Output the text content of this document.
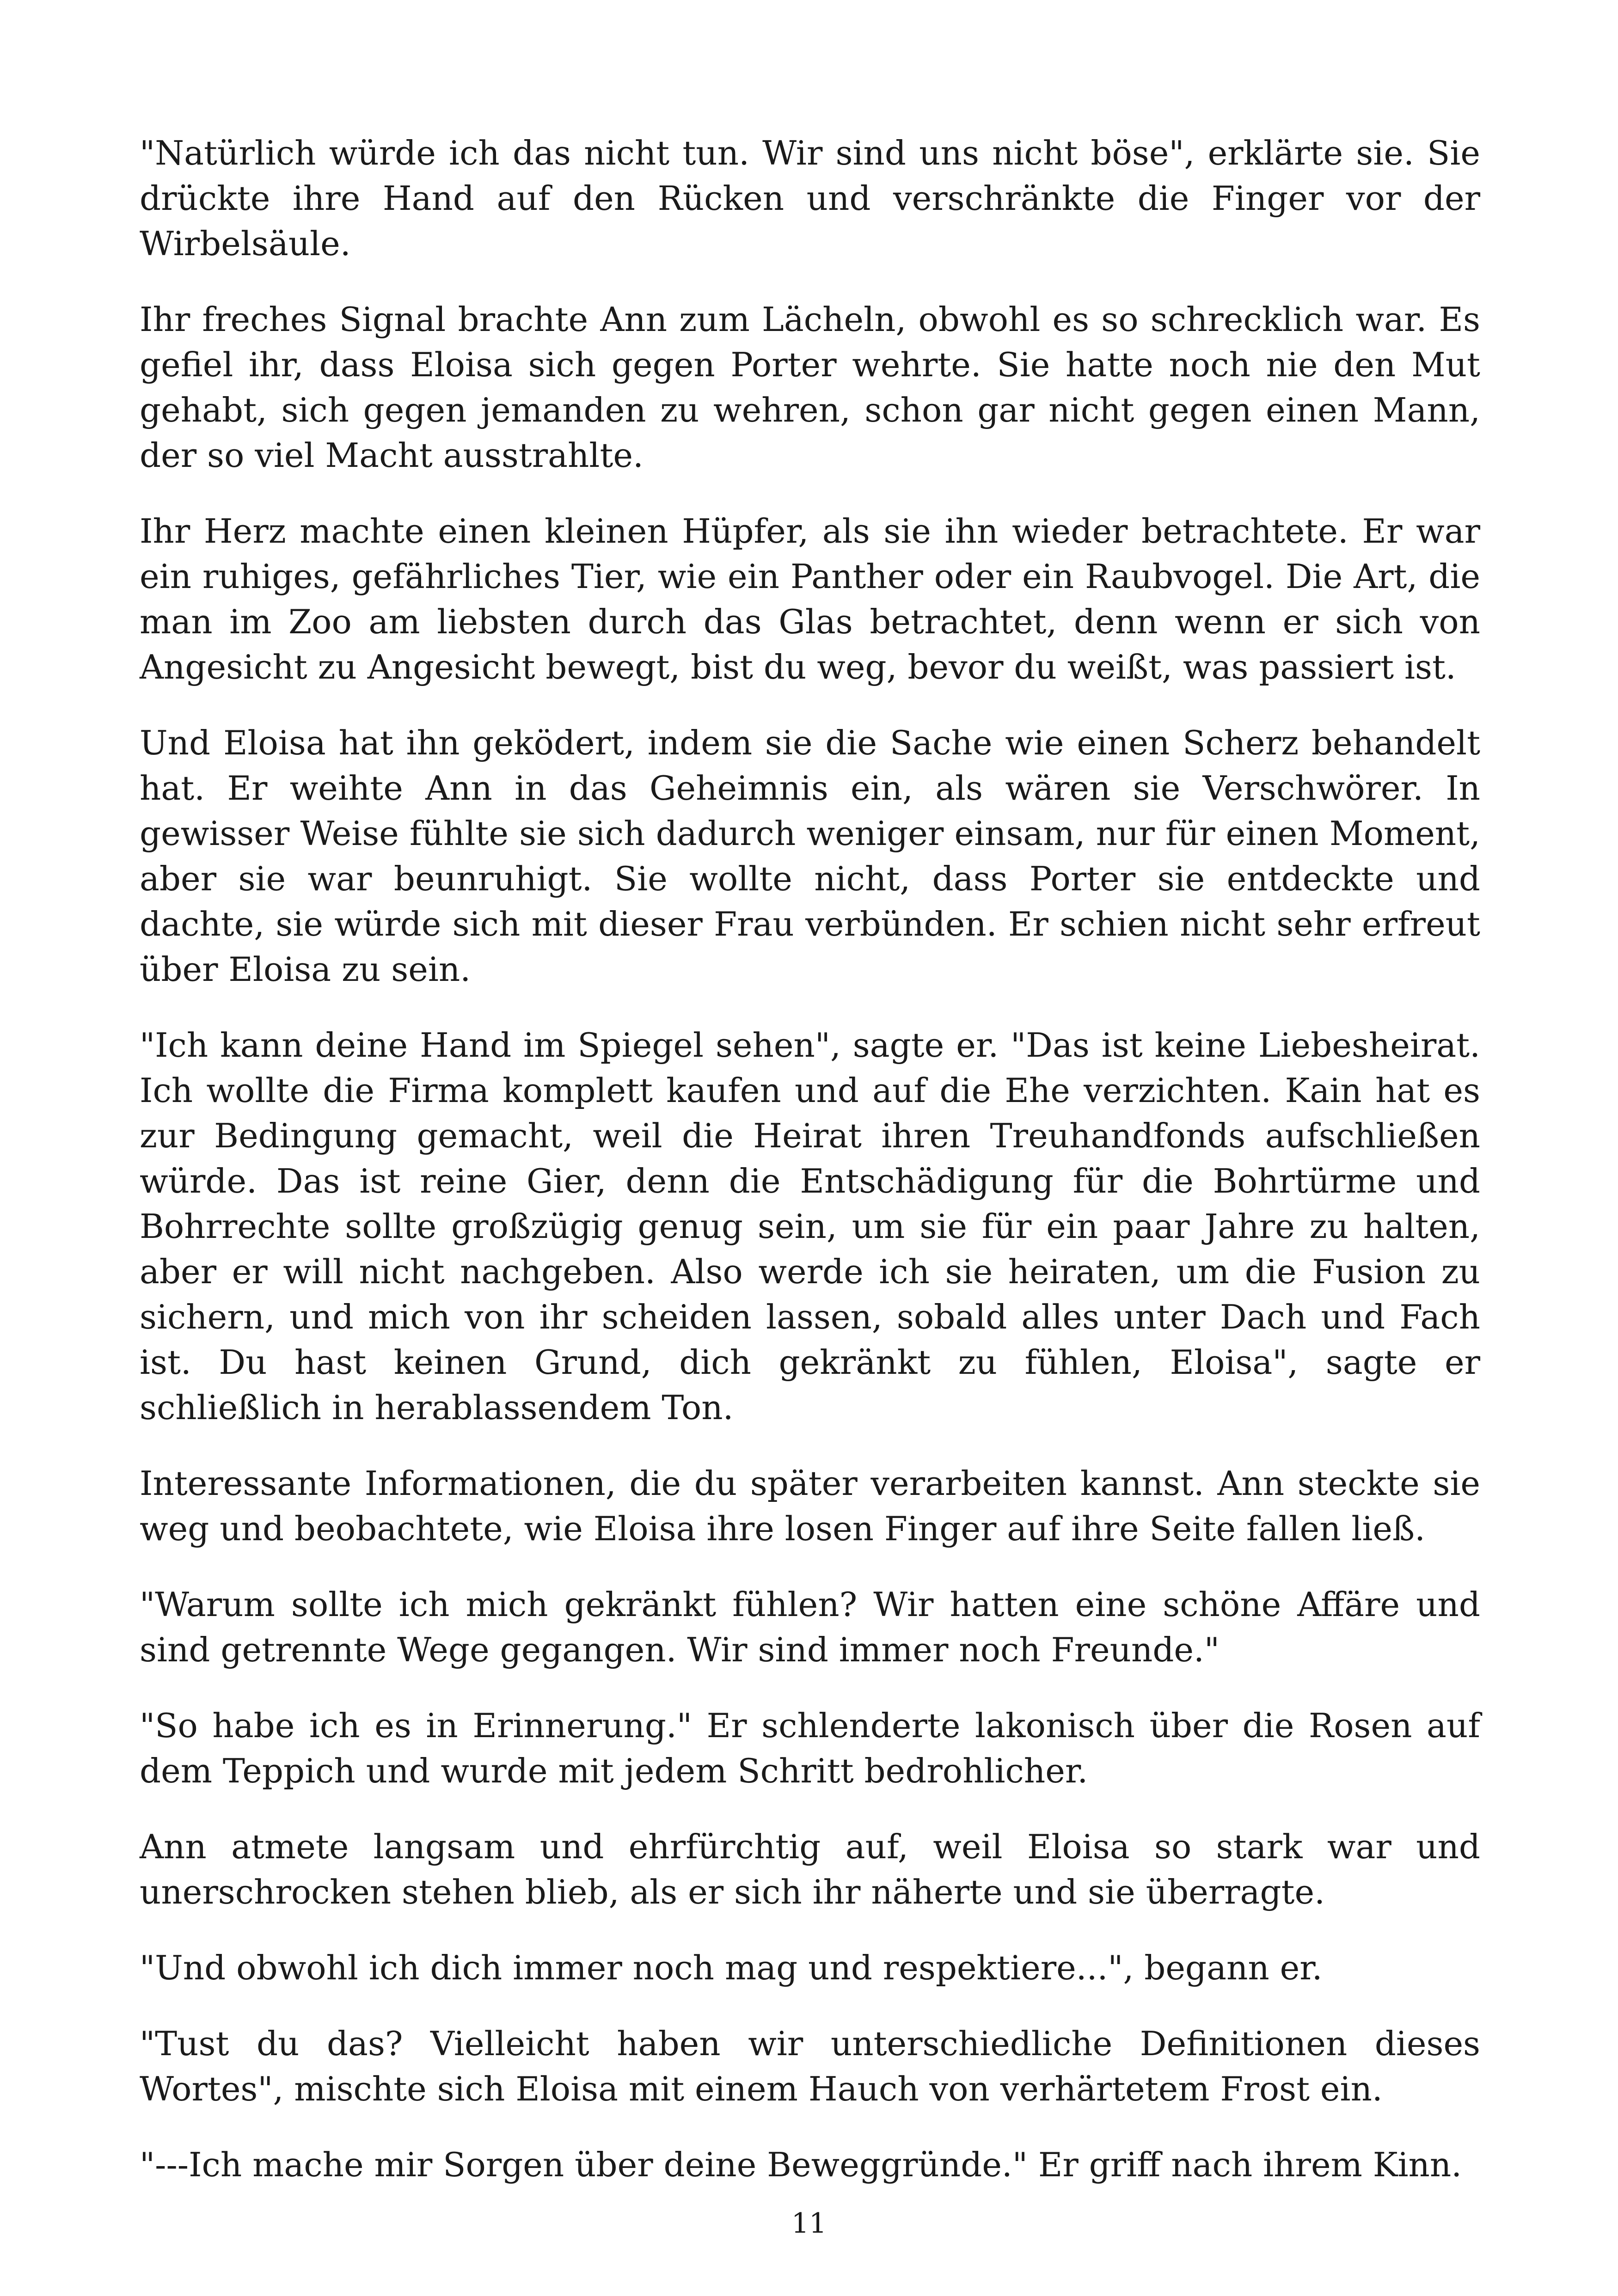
"Natürlich würde ich das nicht tun. Wir sind uns nicht böse", erklärte sie. Sie drückte ihre Hand auf den Rücken und verschränkte die Finger vor der Wirbelsäule.

Ihr freches Signal brachte Ann zum Lächeln, obwohl es so schrecklich war. Es gefiel ihr, dass Eloisa sich gegen Porter wehrte. Sie hatte noch nie den Mut gehabt, sich gegen jemanden zu wehren, schon gar nicht gegen einen Mann, der so viel Macht ausstrahlte.

Ihr Herz machte einen kleinen Hüpfer, als sie ihn wieder betrachtete. Er war ein ruhiges, gefährliches Tier, wie ein Panther oder ein Raubvogel. Die Art, die man im Zoo am liebsten durch das Glas betrachtet, denn wenn er sich von Angesicht zu Angesicht bewegt, bist du weg, bevor du weißt, was passiert ist.

Und Eloisa hat ihn geködert, indem sie die Sache wie einen Scherz behandelt hat. Er weihte Ann in das Geheimnis ein, als wären sie Verschwörer. In gewisser Weise fühlte sie sich dadurch weniger einsam, nur für einen Moment, aber sie war beunruhigt. Sie wollte nicht, dass Porter sie entdeckte und dachte, sie würde sich mit dieser Frau verbünden. Er schien nicht sehr erfreut über Eloisa zu sein.

"Ich kann deine Hand im Spiegel sehen", sagte er. "Das ist keine Liebesheirat. Ich wollte die Firma komplett kaufen und auf die Ehe verzichten. Kain hat es zur Bedingung gemacht, weil die Heirat ihren Treuhandfonds aufschließen würde. Das ist reine Gier, denn die Entschädigung für die Bohrtürme und Bohrrechte sollte großzügig genug sein, um sie für ein paar Jahre zu halten, aber er will nicht nachgeben. Also werde ich sie heiraten, um die Fusion zu sichern, und mich von ihr scheiden lassen, sobald alles unter Dach und Fach ist. Du hast keinen Grund, dich gekränkt zu fühlen, Eloisa", sagte er schließlich in herablassendem Ton.

Interessante Informationen, die du später verarbeiten kannst. Ann steckte sie weg und beobachtete, wie Eloisa ihre losen Finger auf ihre Seite fallen ließ.

"Warum sollte ich mich gekränkt fühlen? Wir hatten eine schöne Affäre und sind getrennte Wege gegangen. Wir sind immer noch Freunde."

"So habe ich es in Erinnerung." Er schlenderte lakonisch über die Rosen auf dem Teppich und wurde mit jedem Schritt bedrohlicher.

Ann atmete langsam und ehrfürchtig auf, weil Eloisa so stark war und unerschrocken stehen blieb, als er sich ihr näherte und sie überragte.

"Und obwohl ich dich immer noch mag und respektiere...", begann er.

"Tust du das? Vielleicht haben wir unterschiedliche Definitionen dieses Wortes", mischte sich Eloisa mit einem Hauch von verhärtetem Frost ein.

"---Ich mache mir Sorgen über deine Beweggründe." Er griff nach ihrem Kinn.

11
